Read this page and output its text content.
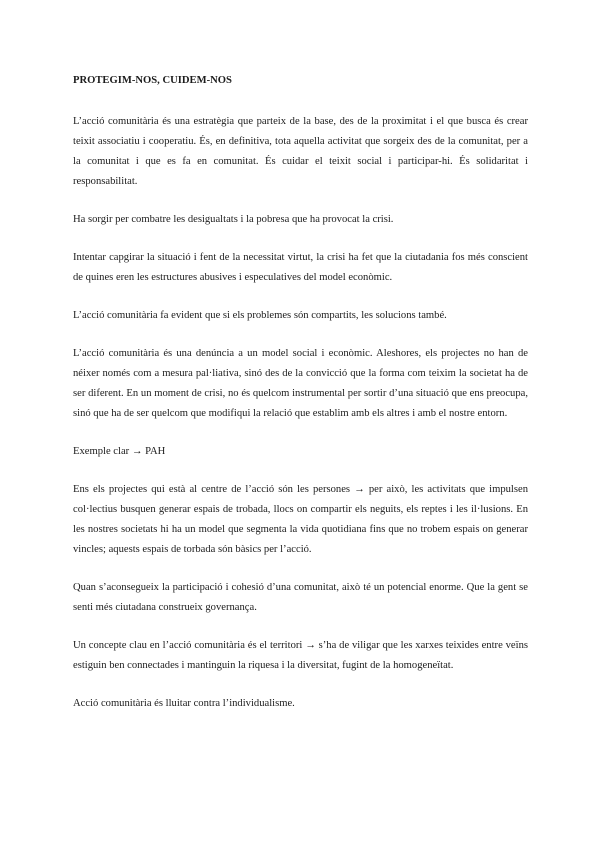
PROTEGIM-NOS, CUIDEM-NOS

L’acció comunitària és una estratègia que parteix de la base, des de la proximitat i el que busca és crear teixit associatiu i cooperatiu. És, en definitiva, tota aquella activitat que sorgeix des de la comunitat, per a la comunitat i que es fa en comunitat. És cuidar el teixit social i participar-hi. És solidaritat i responsabilitat.

Ha sorgir per combatre les desigualtats i la pobresa que ha provocat la crisi.

Intentar capgirar la situació i fent de la necessitat virtut, la crisi ha fet que la ciutadania fos més conscient de quines eren les estructures abusives i especulatives del model econòmic.

L’acció comunitària fa evident que si els problemes són compartits, les solucions també.

L’acció comunitària és una denúncia a un model social i econòmic. Aleshores, els projectes no han de néixer només com a mesura pal·liativa, sinó des de la convicció que la forma com teixim la societat ha de ser diferent. En un moment de crisi, no és quelcom instrumental per sortir d’una situació que ens preocupa, sinó que ha de ser quelcom que modifiqui la relació que establim amb els altres i amb el nostre entorn.

Exemple clar → PAH

Ens els projectes qui està al centre de l’acció són les persones → per això, les activitats que impulsen col·lectius busquen generar espais de trobada, llocs on compartir els neguits, els reptes i les il·lusions. En les nostres societats hi ha un model que segmenta la vida quotidiana fins que no trobem espais on generar vincles; aquests espais de torbada són bàsics per l’acció.

Quan s’aconsegueix la participació i cohesió d’una comunitat, això té un potencial enorme. Que la gent se senti més ciutadana construeix governança.

Un concepte clau en l’acció comunitària és el territori → s’ha de viligar que les xarxes teixides entre veïns estiguin ben connectades i mantinguin la riquesa i la diversitat, fugint de la homogeneïtat.

Acció comunitària és lluitar contra l’individualisme.
